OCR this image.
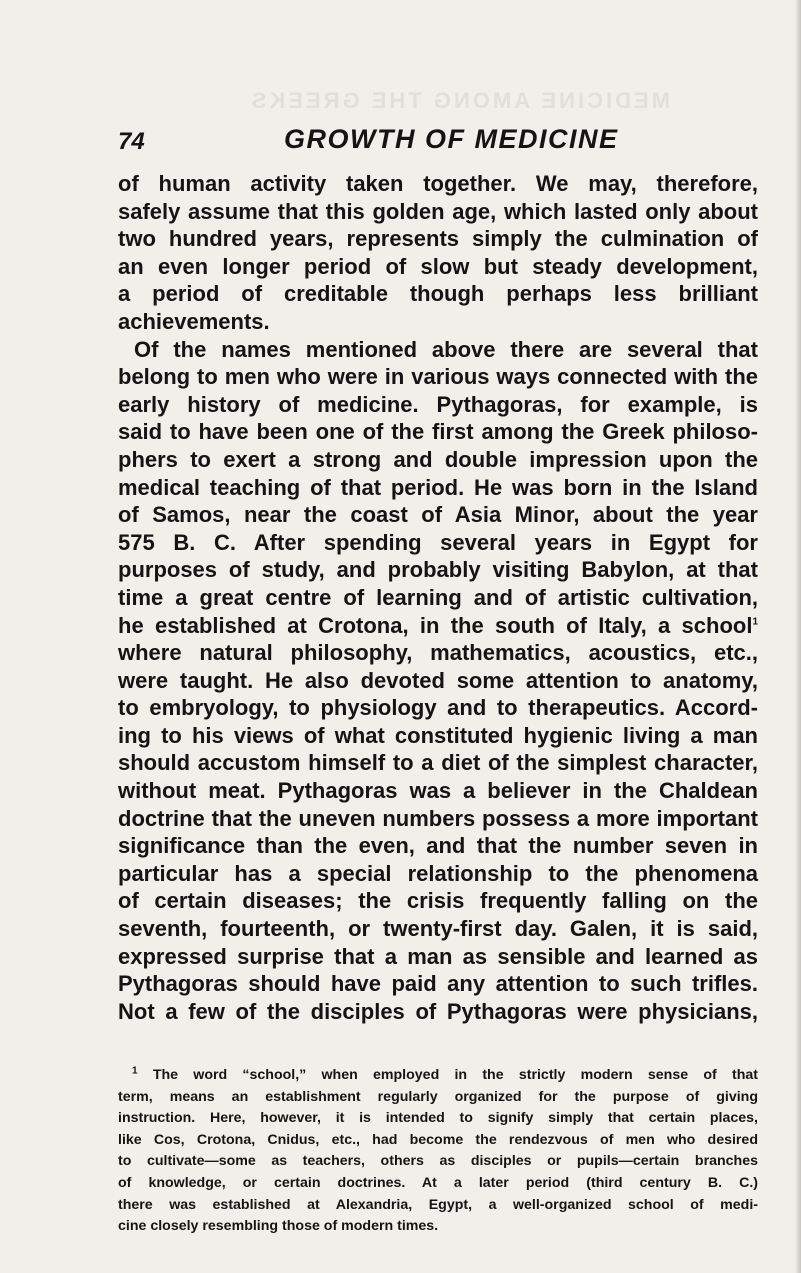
MEDICINE AMONG THE GREEKS
74	GROWTH OF MEDICINE

of human activity taken together. We may, therefore,
safely assume that this golden age, which lasted only about
two hundred years, represents simply the culmination of
an even longer period of slow but steady development,
a period of creditable though perhaps less brilliant
achievements.

Of the names mentioned above there are several that
belong to men who were in various ways connected with the
early history of medicine. Pythagoras, for example, is
said to have been one of the first among the Greek philoso-
phers to exert a strong and double impression upon the
medical teaching of that period. He was born in the Island
of Samos, near the coast of Asia Minor, about the year
575 B. C. After spending several years in Egypt for
purposes of study, and probably visiting Babylon, at that
time a great centre of learning and of artistic cultivation,
he established at Crotona, in the south of Italy, a school$^1$
where natural philosophy, mathematics, acoustics, etc.,
were taught. He also devoted some attention to anatomy,
to embryology, to physiology and to therapeutics. Accord-
ing to his views of what constituted hygienic living a man
should accustom himself to a diet of the simplest character,
without meat. Pythagoras was a believer in the Chaldean
doctrine that the uneven numbers possess a more important
significance than the even, and that the number seven in
particular has a special relationship to the phenomena
of certain diseases; the crisis frequently falling on the
seventh, fourteenth, or twenty-first day. Galen, it is said,
expressed surprise that a man as sensible and learned as
Pythagoras should have paid any attention to such trifles.
Not a few of the disciples of Pythagoras were physicians,

$^1$ The word “school,” when employed in the strictly modern sense of that
term, means an establishment regularly organized for the purpose of giving
instruction. Here, however, it is intended to signify simply that certain places,
like Cos, Crotona, Cnidus, etc., had become the rendezvous of men who desired
to cultivate—some as teachers, others as disciples or pupils—certain branches
of knowledge, or certain doctrines. At a later period (third century B. C.)
there was established at Alexandria, Egypt, a well-organized school of medi-
cine closely resembling those of modern times.
